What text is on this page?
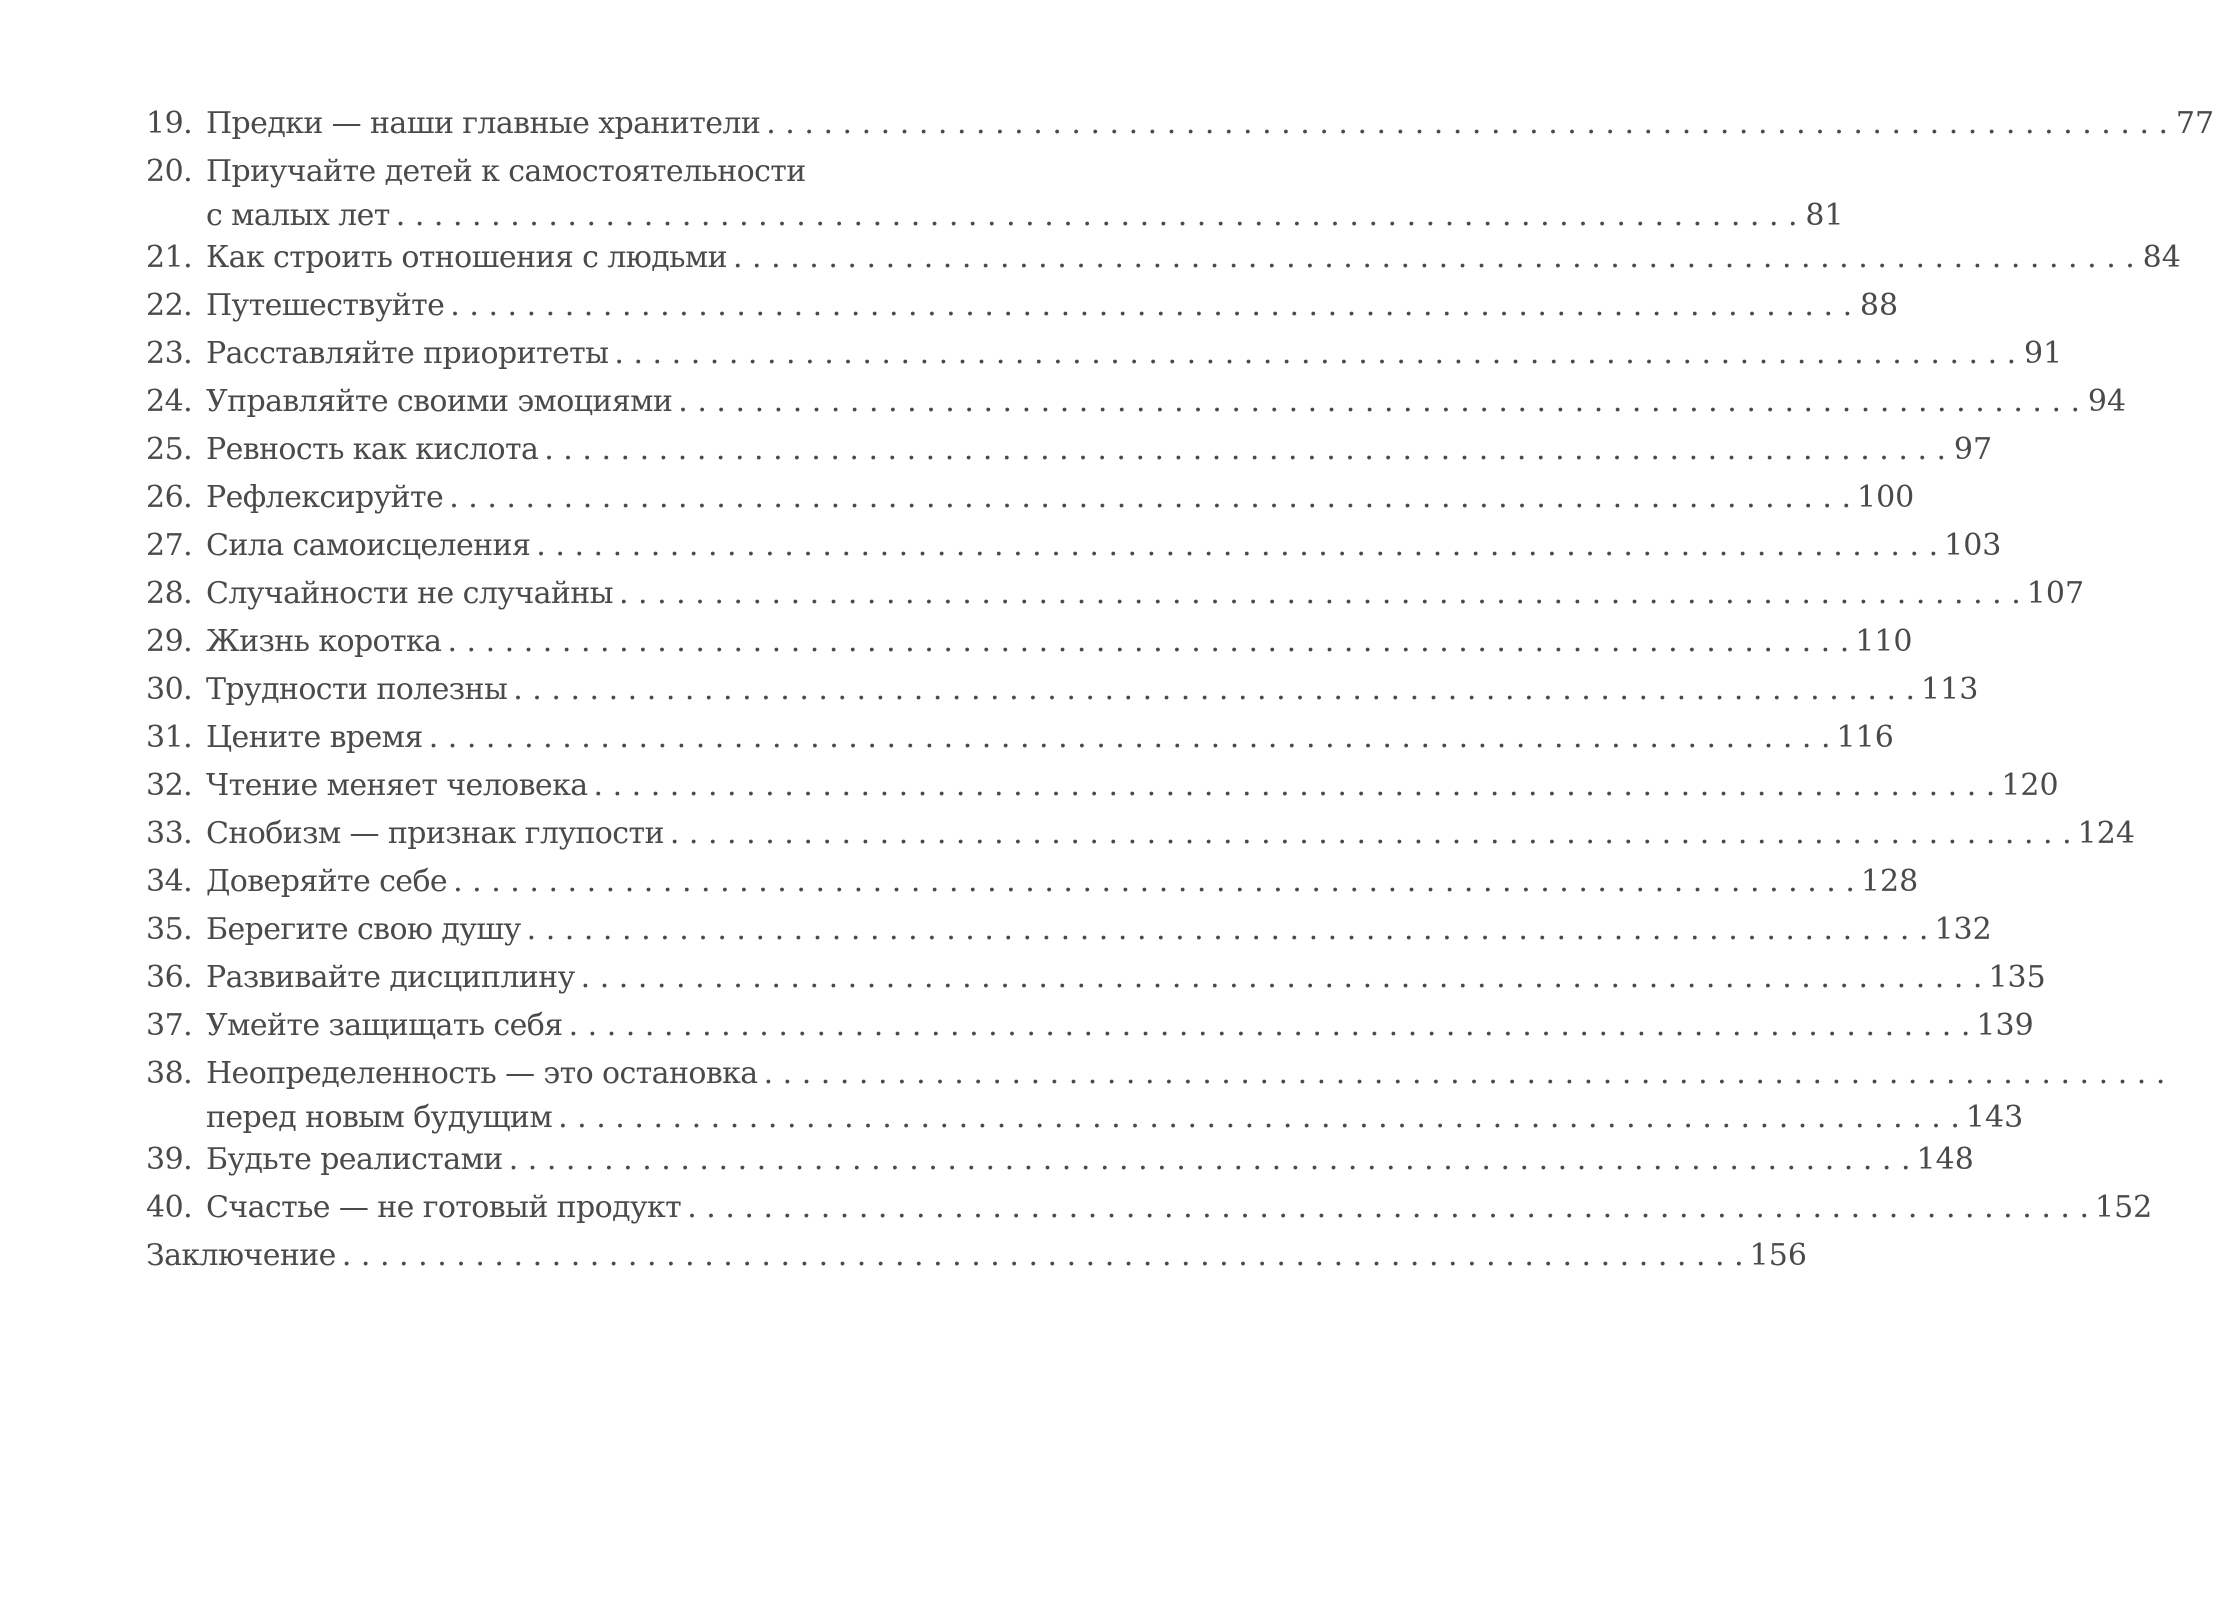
19. Предки — наши главные хранители . . .	77
20. Приучайте детей к самостоятельности
с малых лет . . .	81
21. Как строить отношения с людьми . . .	84
22. Путешествуйте . . .	88
23. Расставляйте приоритеты . . .	91
24. Управляйте своими эмоциями . . .	94
25. Ревность как кислота . . .	97
26. Рефлексируйте . . .	100
27. Сила самоисцеления . . .	103
28. Случайности не случайны . . .	107
29. Жизнь коротка . . .	110
30. Трудности полезны . . .	113
31. Цените время . . .	116
32. Чтение меняет человека . . .	120
33. Снобизм — признак глупости . . .	124
34. Доверяйте себе . . .	128
35. Берегите свою душу . . .	132
36. Развивайте дисциплину . . .	135
37. Умейте защищать себя . . .	139
38. Неопределенность — это остановка
. . .
перед новым будущим . . .	143
39. Будьте реалистами . . .	148
40. Счастье — не готовый продукт . . .	152
Заключение . . .	156
